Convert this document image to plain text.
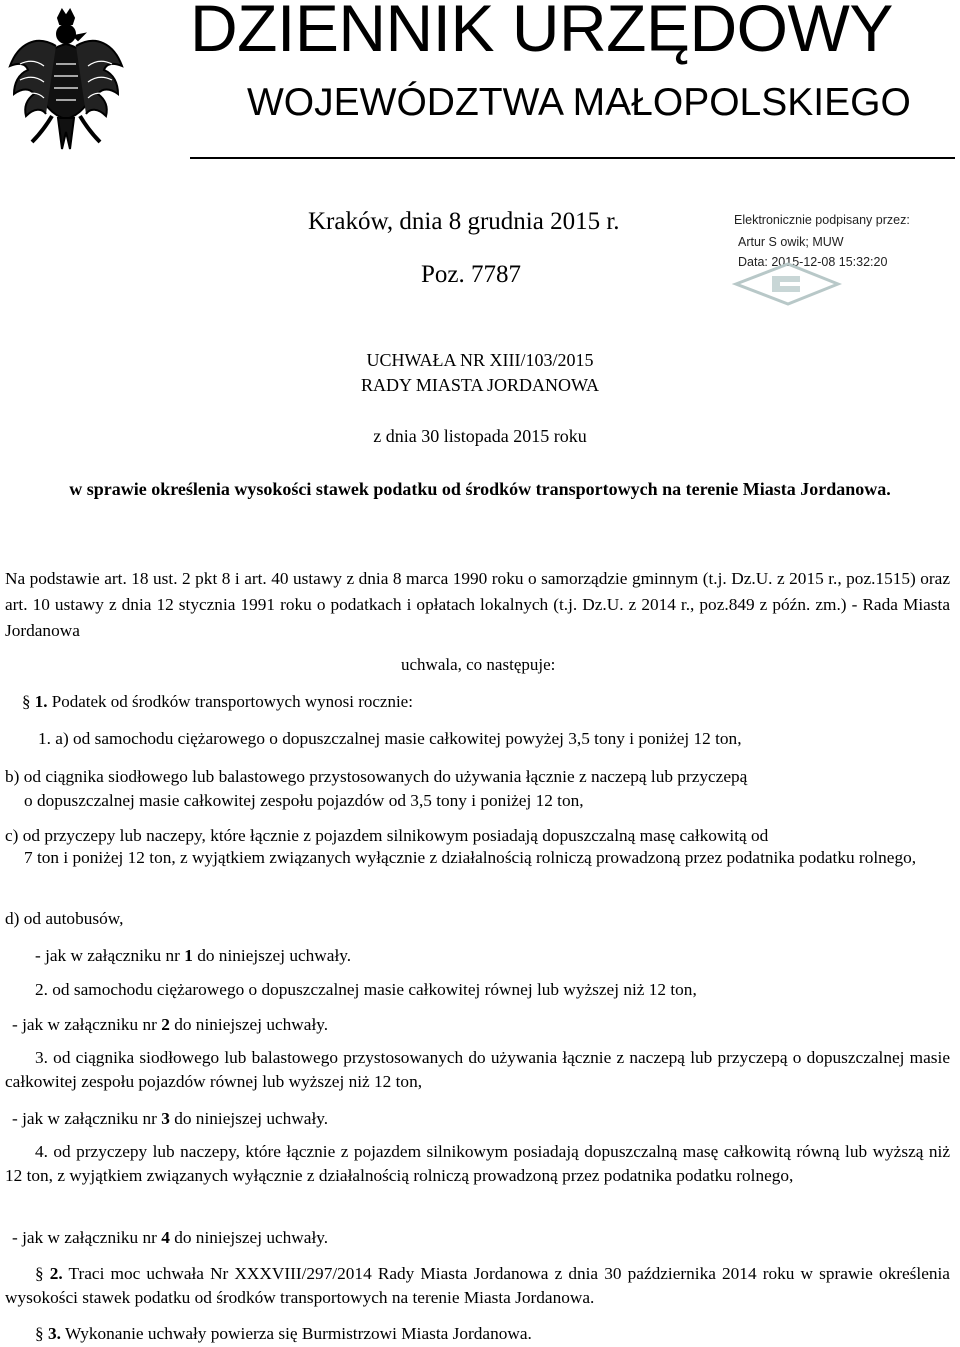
DZIENNIK URZĘDOWY
WOJEWÓDZTWA MAŁOPOLSKIEGO
Kraków, dnia 8 grudnia 2015 r.
Poz. 7787
Elektronicznie podpisany przez:
Artur S owik; MUW
Data: 2015-12-08 15:32:20
UCHWAŁA NR XIII/103/2015
RADY MIASTA JORDANOWA
z dnia 30 listopada 2015 roku
w sprawie określenia wysokości stawek podatku od środków transportowych na terenie Miasta Jordanowa.
Na podstawie art. 18 ust. 2 pkt 8 i art. 40 ustawy z dnia 8 marca 1990 roku o samorządzie gminnym (t.j. Dz.U. z 2015 r., poz.1515) oraz art. 10 ustawy z dnia 12 stycznia 1991 roku o podatkach i opłatach lokalnych (t.j. Dz.U. z 2014 r., poz.849 z późn. zm.) - Rada Miasta Jordanowa
uchwala, co następuje:
§ 1. Podatek od środków transportowych wynosi rocznie:
1. a) od samochodu ciężarowego o dopuszczalnej masie całkowitej powyżej 3,5 tony i poniżej 12 ton,
b) od ciągnika siodłowego lub balastowego przystosowanych do używania łącznie z naczepą lub przyczepą
o dopuszczalnej masie całkowitej zespołu pojazdów od 3,5 tony i poniżej 12 ton,
c) od przyczepy lub naczepy, które łącznie z pojazdem silnikowym posiadają dopuszczalną masę całkowitą od
7 ton i poniżej 12 ton, z wyjątkiem związanych wyłącznie z działalnością rolniczą prowadzoną przez podatnika podatku rolnego,
d) od autobusów,
- jak w załączniku nr 1 do niniejszej uchwały.
2. od samochodu ciężarowego o dopuszczalnej masie całkowitej równej lub wyższej niż 12 ton,
- jak w załączniku nr 2 do niniejszej uchwały.
3. od ciągnika siodłowego lub balastowego przystosowanych do używania łącznie z naczepą lub przyczepą o dopuszczalnej masie całkowitej zespołu pojazdów równej lub wyższej niż 12 ton,
- jak w załączniku nr 3 do niniejszej uchwały.
4. od przyczepy lub naczepy, które łącznie z pojazdem silnikowym posiadają dopuszczalną masę całkowitą równą lub wyższą niż 12 ton, z wyjątkiem związanych wyłącznie z działalnością rolniczą prowadzoną przez podatnika podatku rolnego,
- jak w załączniku nr 4 do niniejszej uchwały.
§ 2. Traci moc uchwała Nr XXXVIII/297/2014 Rady Miasta Jordanowa z dnia 30 października 2014 roku w sprawie określenia wysokości stawek podatku od środków transportowych na terenie Miasta Jordanowa.
§ 3. Wykonanie uchwały powierza się Burmistrzowi Miasta Jordanowa.
